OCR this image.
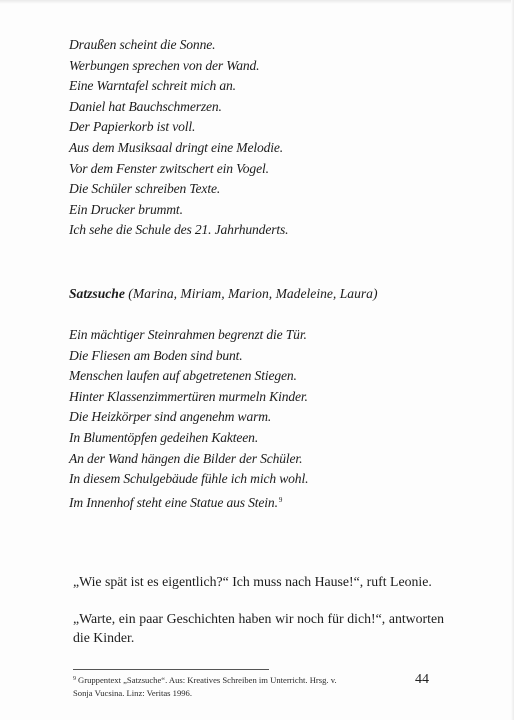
Draußen scheint die Sonne.
Werbungen sprechen von der Wand.
Eine Warntafel schreit mich an.
Daniel hat Bauchschmerzen.
Der Papierkorb ist voll.
Aus dem Musiksaal dringt eine Melodie.
Vor dem Fenster zwitschert ein Vogel.
Die Schüler schreiben Texte.
Ein Drucker brummt.
Ich sehe die Schule des 21. Jahrhunderts.
Satzsuche (Marina, Miriam, Marion, Madeleine, Laura)
Ein mächtiger Steinrahmen begrenzt die Tür.
Die Fliesen am Boden sind bunt.
Menschen laufen auf abgetretenen Stiegen.
Hinter Klassenzimmertüren murmeln Kinder.
Die Heizkörper sind angenehm warm.
In Blumentöpfen gedeihen Kakteen.
An der Wand hängen die Bilder der Schüler.
In diesem Schulgebäude fühle ich mich wohl.
Im Innenhof steht eine Statue aus Stein.$^9$

„Wie spät ist es eigentlich?“ Ich muss nach Hause!“, ruft Leonie.

„Warte, ein paar Geschichten haben wir noch für dich!“, antworten die Kinder.

$^9$ Gruppentext „Satzsuche“. Aus: Kreatives Schreiben im Unterricht. Hrsg. v.
Sonja Vucsina. Linz: Veritas 1996.

44
